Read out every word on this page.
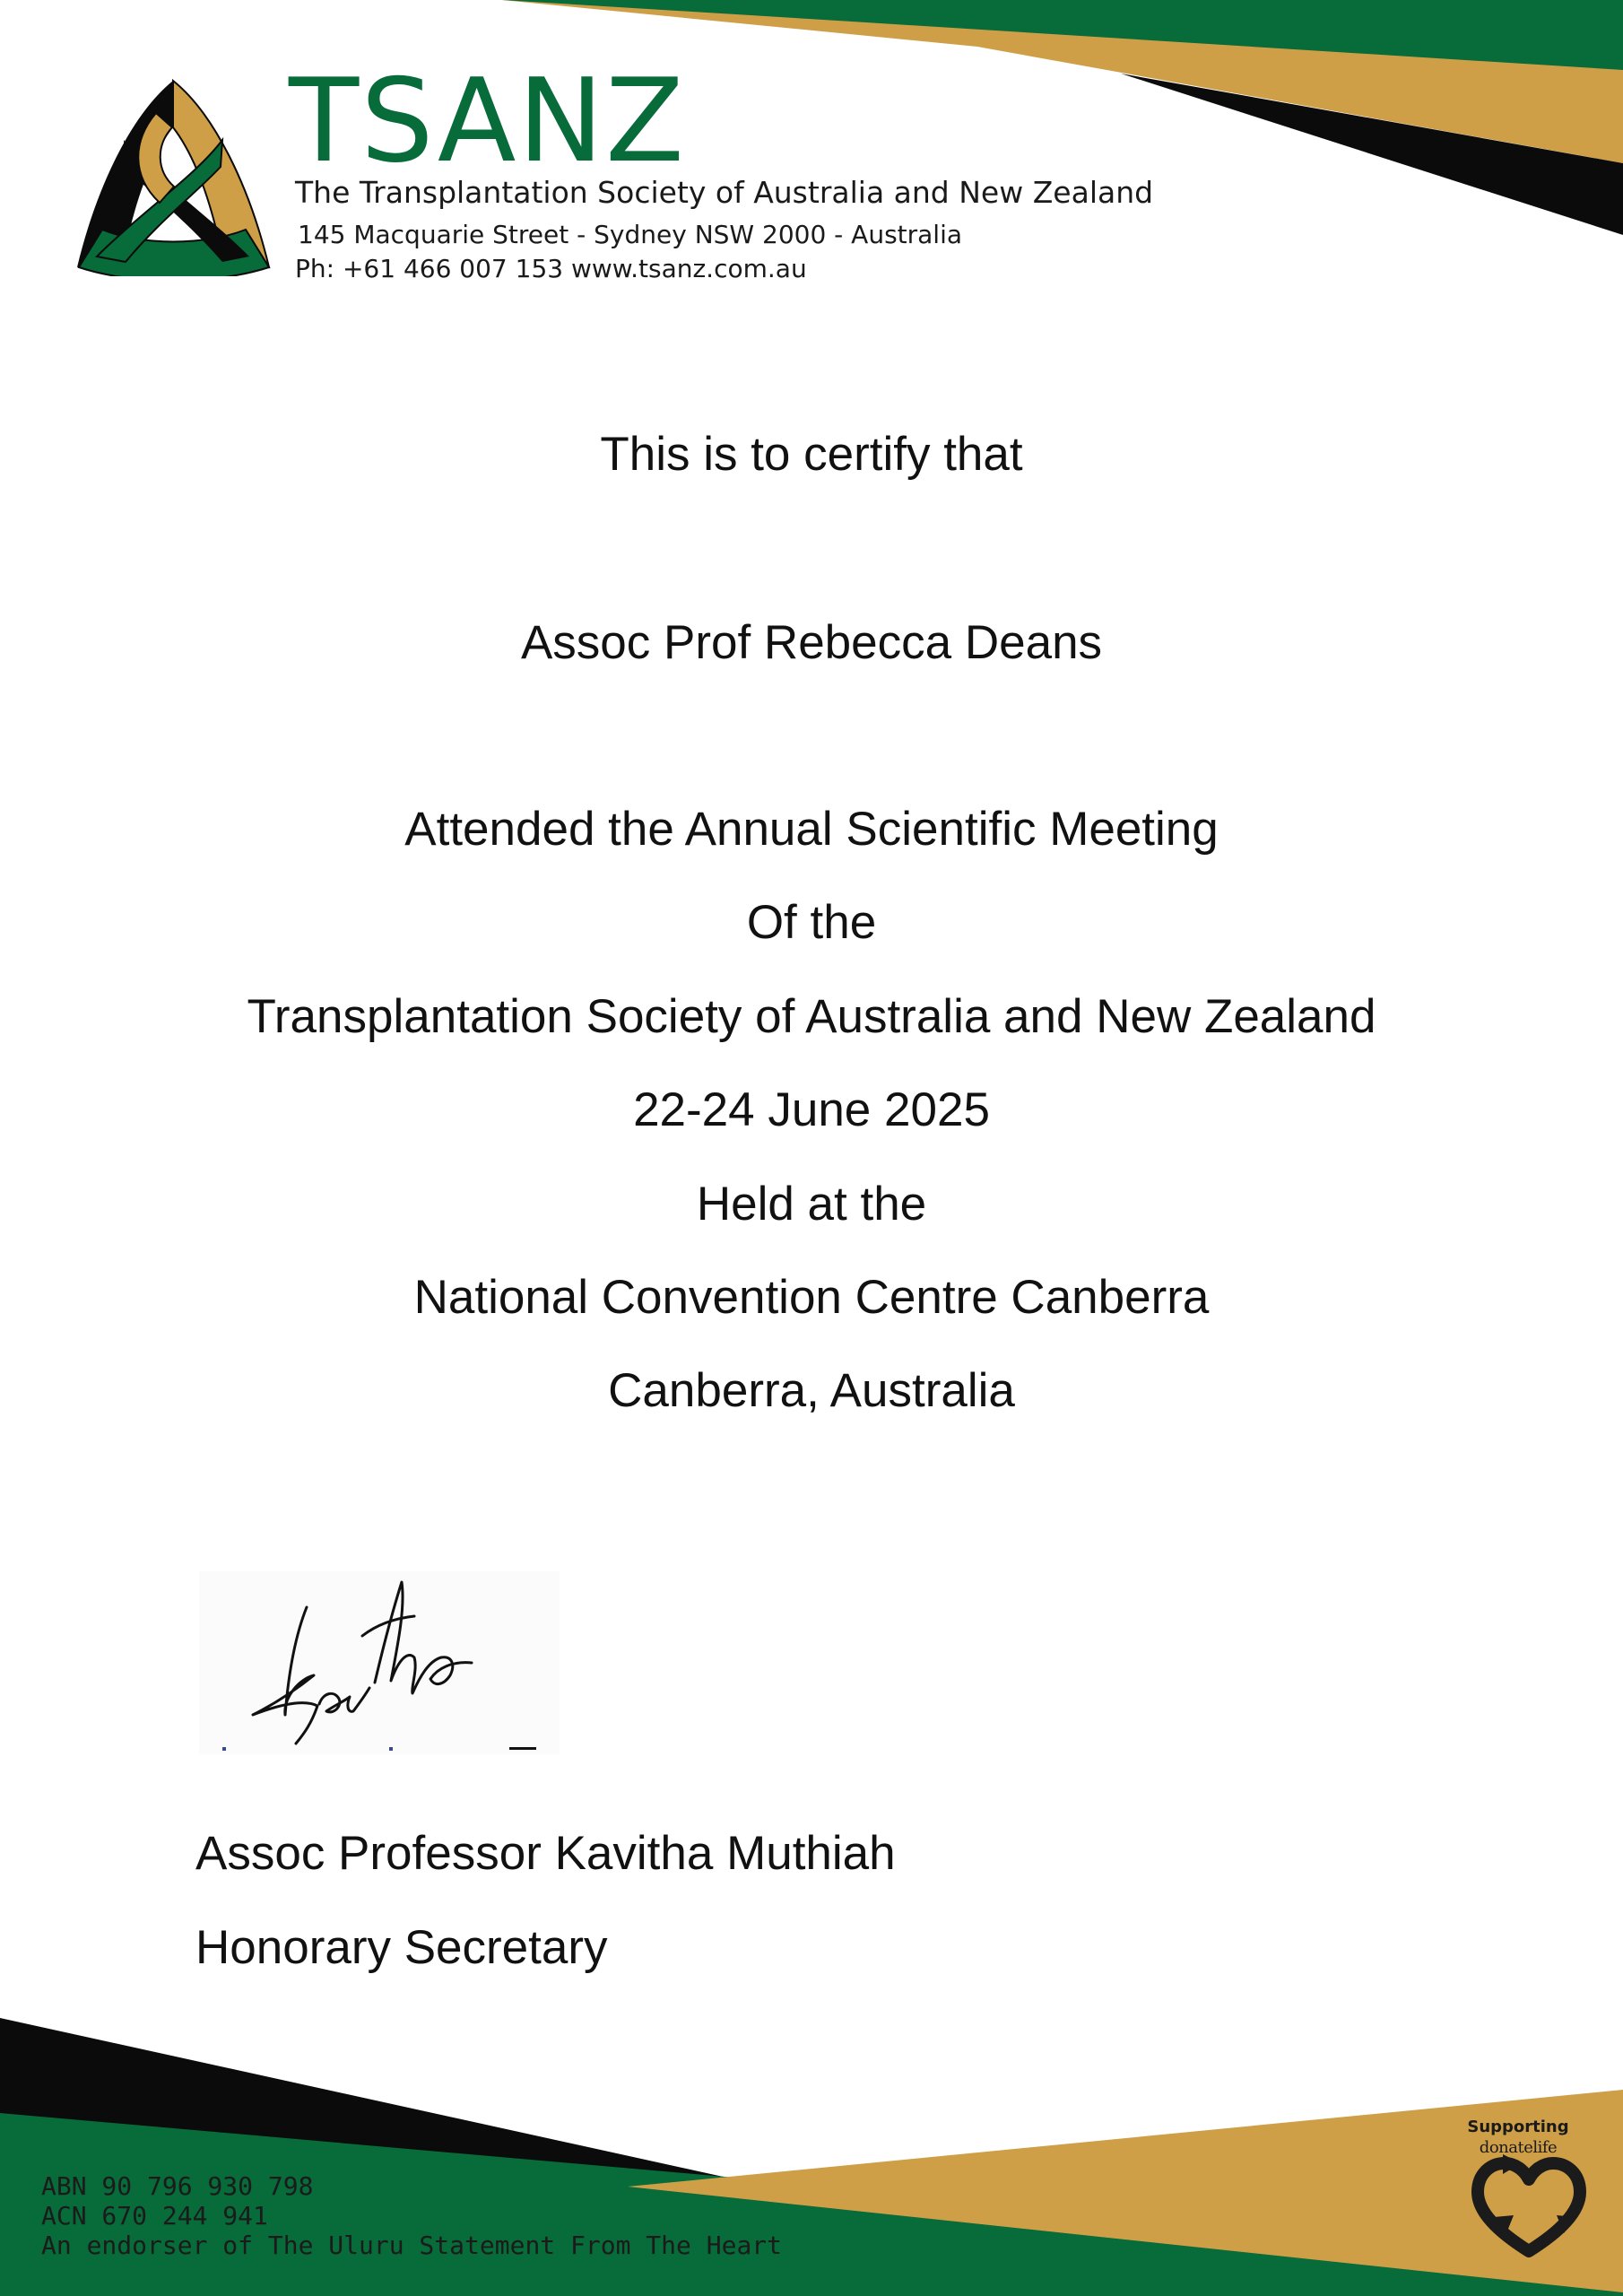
TSANZ
The Transplantation Society of Australia and New Zealand
145 Macquarie Street - Sydney NSW 2000 - Australia
Ph: +61 466 007 153 www.tsanz.com.au
This is to certify that
Assoc Prof Rebecca Deans
Attended the Annual Scientific Meeting
Of the
Transplantation Society of Australia and New Zealand
22-24 June 2025
Held at the
National Convention Centre Canberra
Canberra, Australia
Assoc Professor Kavitha Muthiah
Honorary Secretary
ABN 90 796 930 798
ACN 670 244 941
An endorser of The Uluru Statement From The Heart
Supporting
donatelife
